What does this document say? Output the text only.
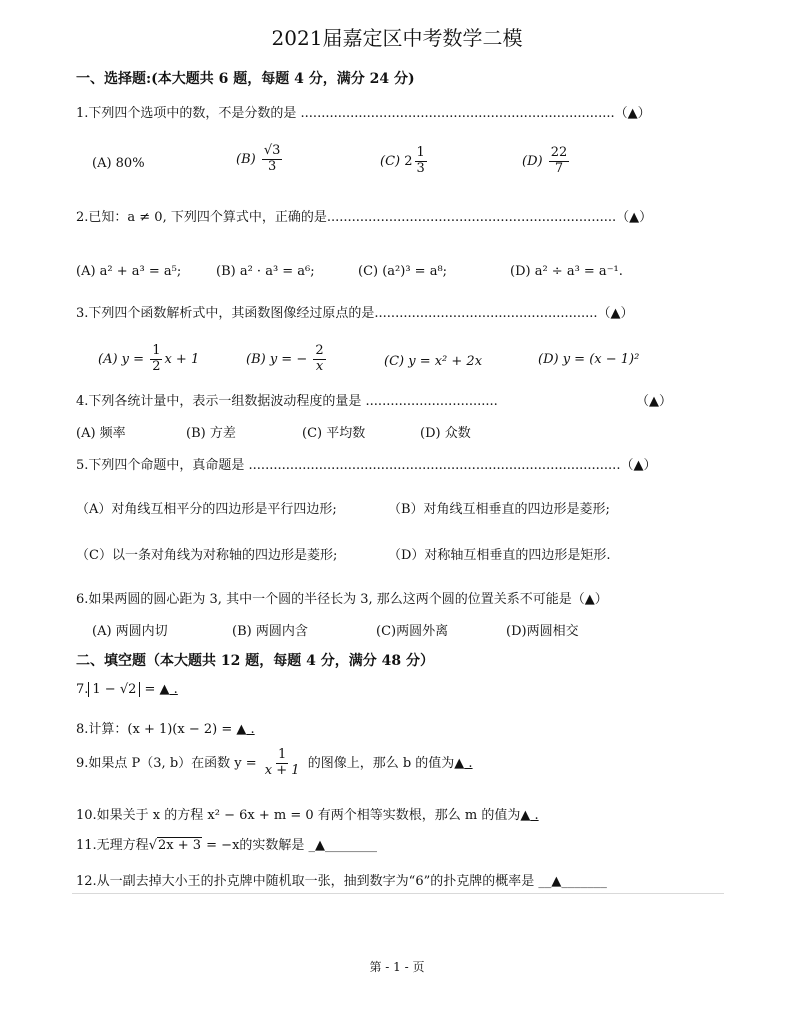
2021届嘉定区中考数学二模
一、选择题:(本大题共 6 题，每题 4 分，满分 24 分)
1.下列四个选项中的数，不是分数的是 ............................................................................（▲）
(A) 80%	$(B) \frac{√3}{3}$	(C) $2 \frac{1}{3}$	$(D) \frac{22}{7}$
2.已知：a ≠ 0, 下列四个算式中，正确的是......................................................................（▲）
(A) a² + a³ = a⁵;	(B) a² · a³ = a⁶;	(C) (a²)³ = a⁸;	(D) a² ÷ a³ = a⁻¹.
3.下列四个函数解析式中，其函数图像经过原点的是......................................................（▲）
(A) $y = \frac{1}{2}$ x + 1	(B) y = − $\frac{2}{x}$	(C) y = x² + 2x	(D) y = (x − 1)²
4.下列各统计量中，表示一组数据波动程度的量是 ................................	（▲）
(A) 频率	(B) 方差	(C) 平均数	(D) 众数
5.下列四个命题中，真命题是 ..........................................................................................（▲）
（A）对角线互相平分的四边形是平行四边形;	（B）对角线互相垂直的四边形是菱形;
（C）以一条对角线为对称轴的四边形是菱形;	（D）对称轴互相垂直的四边形是矩形.
6.如果两圆的圆心距为 3, 其中一个圆的半径长为 3, 那么这两个圆的位置关系不可能是（▲）
(A) 两圆内切	(B) 两圆内含	(C)两圆外离	(D)两圆相交
二、填空题（本大题共 12 题，每题 4 分，满分 48 分）
7. 1 − √2 = ▲ .
8.计算：(x + 1)(x − 2) = ▲ .
9.如果点 P（3, b）在函数 $y = \frac{1}{x + 1}$ 的图像上，那么 b 的值为▲ .
10.如果关于 x 的方程 x² − 6x + m = 0 有两个相等实数根，那么 m 的值为▲ .
11.无理方程√2x + 3 = −x的实数解是 _▲________
12.从一副去掉大小王的扑克牌中随机取一张，抽到数字为“6”的扑克牌的概率是 __▲_______
第 - 1 - 页
